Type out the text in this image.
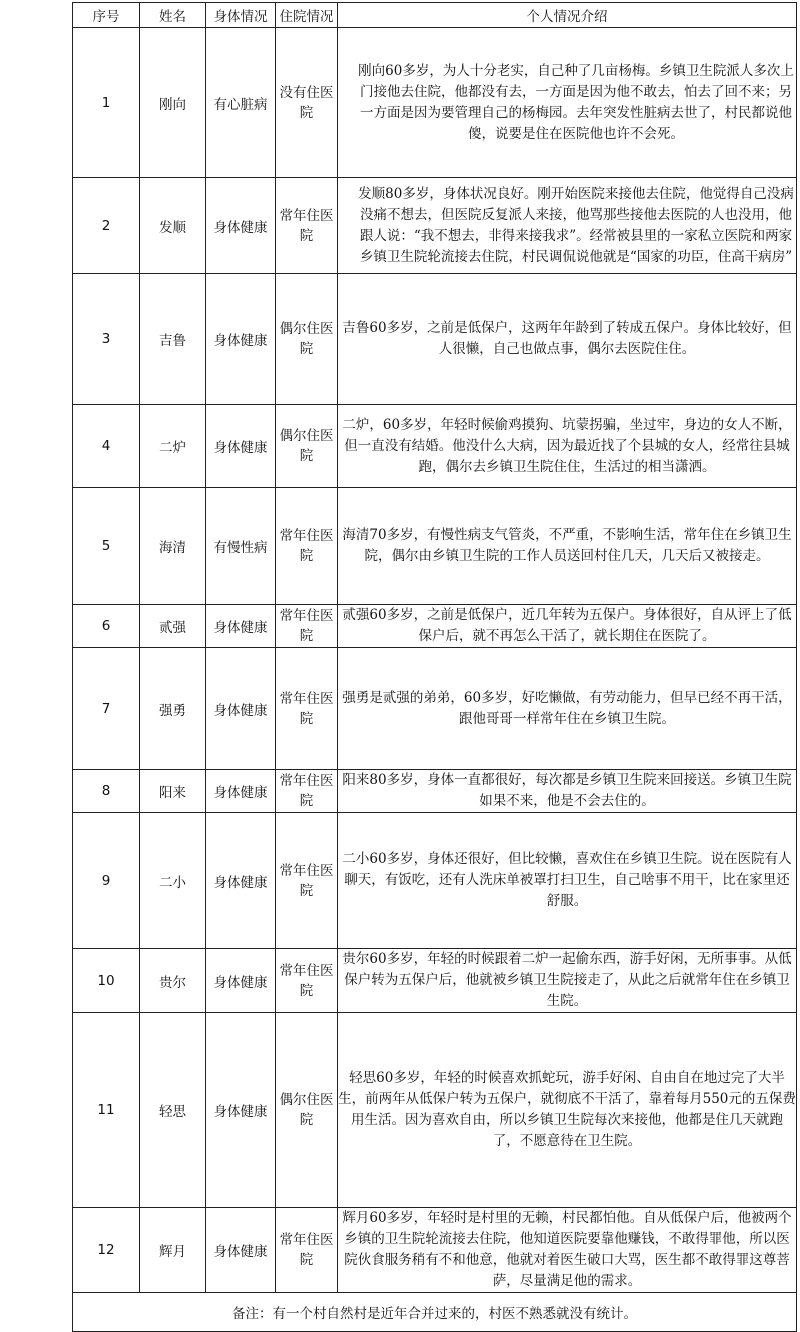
序号	姓名	身体情况	住院情况	个人情况介绍
1	刚向	有心脏病	没有住医院	刚向60多岁，为人十分老实，自己种了几亩杨梅。乡镇卫生院派人多次上门接他去住院，他都没有去，一方面是因为他不敢去，怕去了回不来；另一方面是因为要管理自己的杨梅园。去年突发性脏病去世了，村民都说他傻，说要是住在医院他也许不会死。
2	发顺	身体健康	常年住医院	发顺80多岁，身体状况良好。刚开始医院来接他去住院，他觉得自己没病没痛不想去，但医院反复派人来接，他骂那些接他去医院的人也没用，他跟人说：“我不想去，非得来接我求”。经常被县里的一家私立医院和两家乡镇卫生院轮流接去住院，村民调侃说他就是“国家的功臣，住高干病房”
3	吉鲁	身体健康	偶尔住医院	吉鲁60多岁，之前是低保户，这两年年龄到了转成五保户。身体比较好，但人很懒，自己也做点事，偶尔去医院住住。
4	二炉	身体健康	偶尔住医院	二炉，60多岁，年轻时候偷鸡摸狗、坑蒙拐骗，坐过牢，身边的女人不断，但一直没有结婚。他没什么大病，因为最近找了个县城的女人，经常往县城跑，偶尔去乡镇卫生院住住，生活过的相当潇洒。
5	海清	有慢性病	常年住医院	海清70多岁，有慢性病支气管炎，不严重，不影响生活，常年住在乡镇卫生院，偶尔由乡镇卫生院的工作人员送回村住几天，几天后又被接走。
6	贰强	身体健康	常年住医院	贰强60多岁，之前是低保户，近几年转为五保户。身体很好，自从评上了低保户后，就不再怎么干活了，就长期住在医院了。
7	强勇	身体健康	常年住医院	强勇是贰强的弟弟，60多岁，好吃懒做，有劳动能力，但早已经不再干活，跟他哥哥一样常年住在乡镇卫生院。
8	阳来	身体健康	常年住医院	阳来80多岁，身体一直都很好，每次都是乡镇卫生院来回接送。乡镇卫生院如果不来，他是不会去住的。
9	二小	身体健康	常年住医院	二小60多岁，身体还很好，但比较懒，喜欢住在乡镇卫生院。说在医院有人聊天，有饭吃，还有人洗床单被罩打扫卫生，自己啥事不用干，比在家里还舒服。
10	贵尔	身体健康	常年住医院	贵尔60多岁，年轻的时候跟着二炉一起偷东西，游手好闲，无所事事。从低保户转为五保户后，他就被乡镇卫生院接走了，从此之后就常年住在乡镇卫生院。
11	轻思	身体健康	偶尔住医院	轻思60多岁，年轻的时候喜欢抓蛇玩，游手好闲、自由自在地过完了大半生，前两年从低保户转为五保户，就彻底不干活了，靠着每月550元的五保费用生活。因为喜欢自由，所以乡镇卫生院每次来接他，他都是住几天就跑了，不愿意待在卫生院。
12	辉月	身体健康	常年住医院	辉月60多岁，年轻时是村里的无赖，村民都怕他。自从低保户后，他被两个乡镇的卫生院轮流接去住院，他知道医院要靠他赚钱，不敢得罪他，所以医院伙食服务稍有不和他意，他就对着医生破口大骂，医生都不敢得罪这尊菩萨，尽量满足他的需求。
备注：有一个村自然村是近年合并过来的，村医不熟悉就没有统计。				
